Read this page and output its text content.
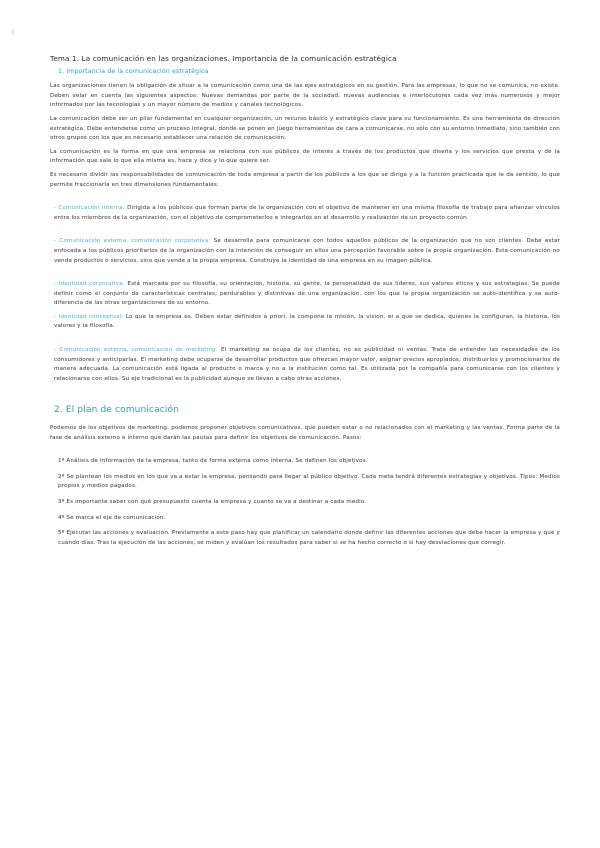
❜
Tema 1. La comunicación en las organizaciones. Importancia de la comunicación estratégica
1. Importancia de la comunicación estratégica

Las organizaciones tienen la obligación de situar a la comunicación como una de las ejes estratégicos en su gestión. Para las empresas, lo que no se comunica, no existe. Deben velar en cuenta las siguientes aspectos: Nuevas demandas por parte de la sociedad, nuevas audiencias e interlocutores cada vez más numerosos y mejor informados por las tecnologías y un mayor número de medios y canales tecnológicos.

La comunicación debe ser un pilar fundamental en cualquier organización, un recurso básico y estratégico clave para su funcionamiento. Es una herramienta de dirección estratégica. Debe entenderse como un proceso integral, donde se ponen en juego herramientas de cara a comunicarse, no solo con su entorno inmediato, sino también con otros grupos con los que es necesario establecer una relación de comunicación.

La comunicación es la forma en que una empresa se relaciona con sus públicos de interés a través de los productos que diseña y los servicios que presta y de la información que sale lo que ella misma es, hace y dice y lo que quiere ser.

Es necesario dividir las responsabilidades de comunicación de toda empresa a partir de los públicos a los que se dirige y a la función practicada que le da sentido, lo que permite fraccionarla en tres dimensiones fundamentales:

- Comunicación interna: Dirigida a los públicos que forman parte de la organización con el objetivo de mantener en una misma filosofía de trabajo para afianzar vínculos entre los miembros de la organización, con el objetivo de comprometerlos e integrarlos en el desarrollo y realización de un proyecto común.

- Comunicación externa, comunicación corporativa: Se desarrolla para comunicarse con todos aquellos públicos de la organización que no son clientes. Debe estar enfocada a los públicos prioritarios de la organización con la intención de conseguir en ellos una percepción favorable sobre la propia organización. Esta comunicación no vende productos o servicios, sino que vende a la propia empresa. Construye la identidad de una empresa en su imagen pública.

- Identidad corporativa: Está marcada por su filosofía, su orientación, historia, su gente, la personalidad de sus líderes, sus valores éticos y sus estrategias. Se puede definir como el conjunto de características centrales, perdurables y distintivas de una organización, con los que la propia organización se auto-identifica y se auto-diferencia de las otras organizaciones de su entorno.

- Identidad conceptual: Lo que la empresa es. Deben estar definidos a priori, la compone la misión, la visión, el a que se dedica, quiénes la configuran, la historia, los valores y la filosofía.

- Comunicación externa, comunicación de marketing: El marketing se ocupa de los clientes, no es publicidad ni ventas. Trata de entender las necesidades de los consumidores y anticiparlas. El marketing debe ocuparse de desarrollar productos que ofrezcan mayor valor, asignar precios apropiados, distribuirlos y promocionarlos de manera adecuada. La comunicación está ligada al producto o marca y no a la institución como tal. Es utilizada por la compañía para comunicarse con los clientes y relacionarse con ellos. Su eje tradicional es la publicidad aunque se llevan a cabo otras acciones.

2. El plan de comunicación

Podemos de los objetivos de marketing, podemos proponer objetivos comunicativos, que pueden estar o no relacionados con el marketing y las ventas. Forma parte de la fase de análisis externo e interno que darán las pautas para definir los objetivos de comunicación. Pasos:

1º Análisis de información de la empresa, tanto de forma externa como interna. Se definen los objetivos.

2º Se plantean los medios en los que va a estar la empresa, pensando para llegar al público objetivo. Cada meta tendrá diferentes estrategias y objetivos. Tipos: Medios propios y medios pagados.

3º Es importante saber con qué presupuesto cuenta la empresa y cuanto se va a destinar a cada medio.

4º Se marca el eje de comunicación.

5º Ejecutar las acciones y evaluación. Previamente a este paso hay que planificar un calendario donde definir las diferentes acciones que debe hacer la empresa y qué y cuándo días. Tras la ejecución de las acciones, se miden y evalúan los resultados para saber si se ha hecho correcto o si hay desviaciones que corregir.
